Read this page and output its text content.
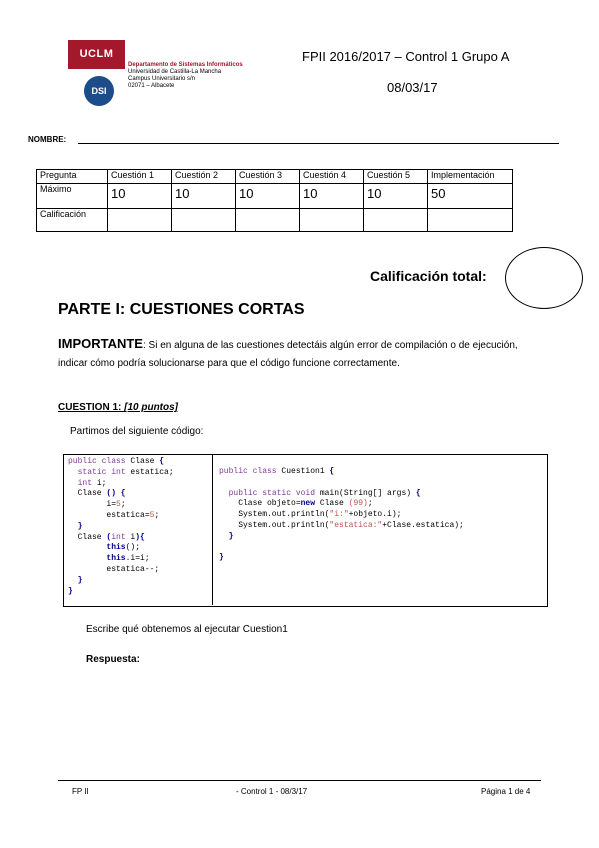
UCLM
DSI
Departamento de Sistemas Informáticos
Universidad de Castilla-La Mancha
Campus Universitario s/n
02071 – Albacete
FPII 2016/2017 – Control 1 Grupo A
08/03/17
NOMBRE:
Pregunta	Cuestión 1	Cuestión 2	Cuestión 3	Cuestión 4	Cuestión 5	Implementación
Máximo	10	10	10	10	10	50
Calificación						
Calificación total:
PARTE I: CUESTIONES CORTAS
IMPORTANTE: Si en alguna de las cuestiones detectáis algún error de compilación o de ejecución, indicar cómo podría solucionarse para que el código funcione correctamente.
CUESTION 1: [10 puntos]
Partimos del siguiente código:
public class Clase {
static int estatica;
int i;
Clase () {
i=5;
estatica=5;
}
Clase (int i){
this();
this.i=i;
estatica--;
}
}
public class Cuestion1 {

public static void main(String[] args) {
Clase objeto=new Clase (99);
System.out.println("i:"+objeto.i);
System.out.println("estatica:"+Clase.estatica);
}

}
Escribe qué obtenemos al ejecutar Cuestion1
Respuesta:
FP II	- Control 1 - 08/3/17	Página 1 de 4
